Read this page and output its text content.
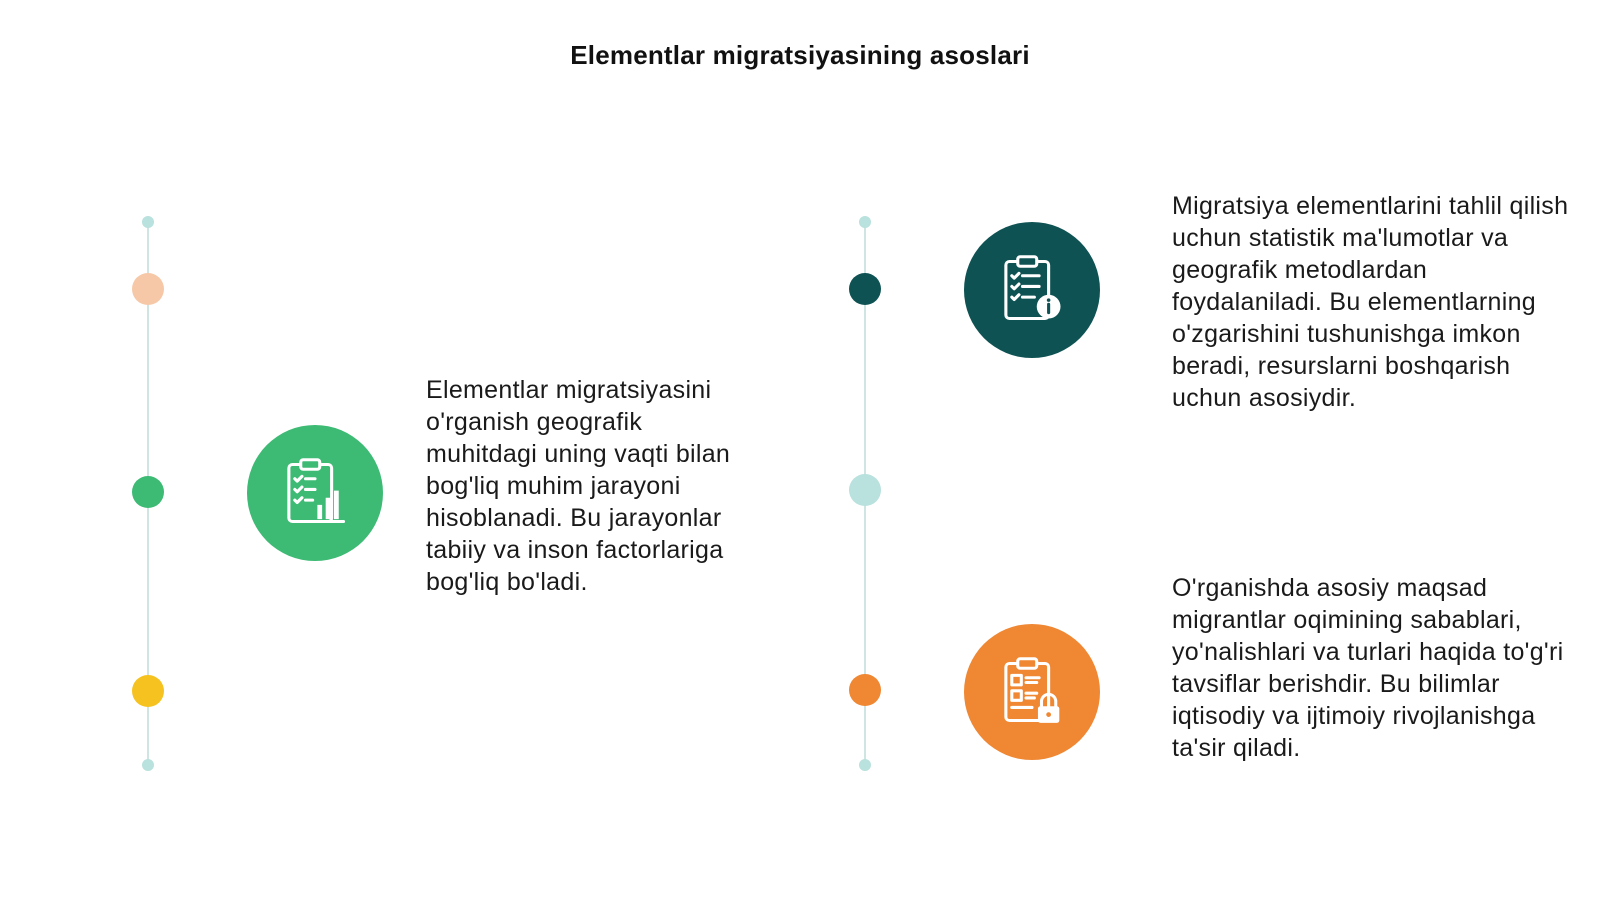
Elementlar migratsiyasining asoslari
Elementlar migratsiyasini o'rganish geografik muhitdagi uning vaqti bilan bog'liq muhim jarayoni hisoblanadi. Bu jarayonlar tabiiy va inson factorlariga bog'liq bo'ladi.
Migratsiya elementlarini tahlil qilish uchun statistik ma'lumotlar va geografik metodlardan foydalaniladi. Bu elementlarning o'zgarishini tushunishga imkon beradi, resurslarni boshqarish uchun asosiydir.
O'rganishda asosiy maqsad migrantlar oqimining sabablari, yo'nalishlari va turlari haqida to'g'ri tavsiflar berishdir. Bu bilimlar iqtisodiy va ijtimoiy rivojlanishga ta'sir qiladi.
